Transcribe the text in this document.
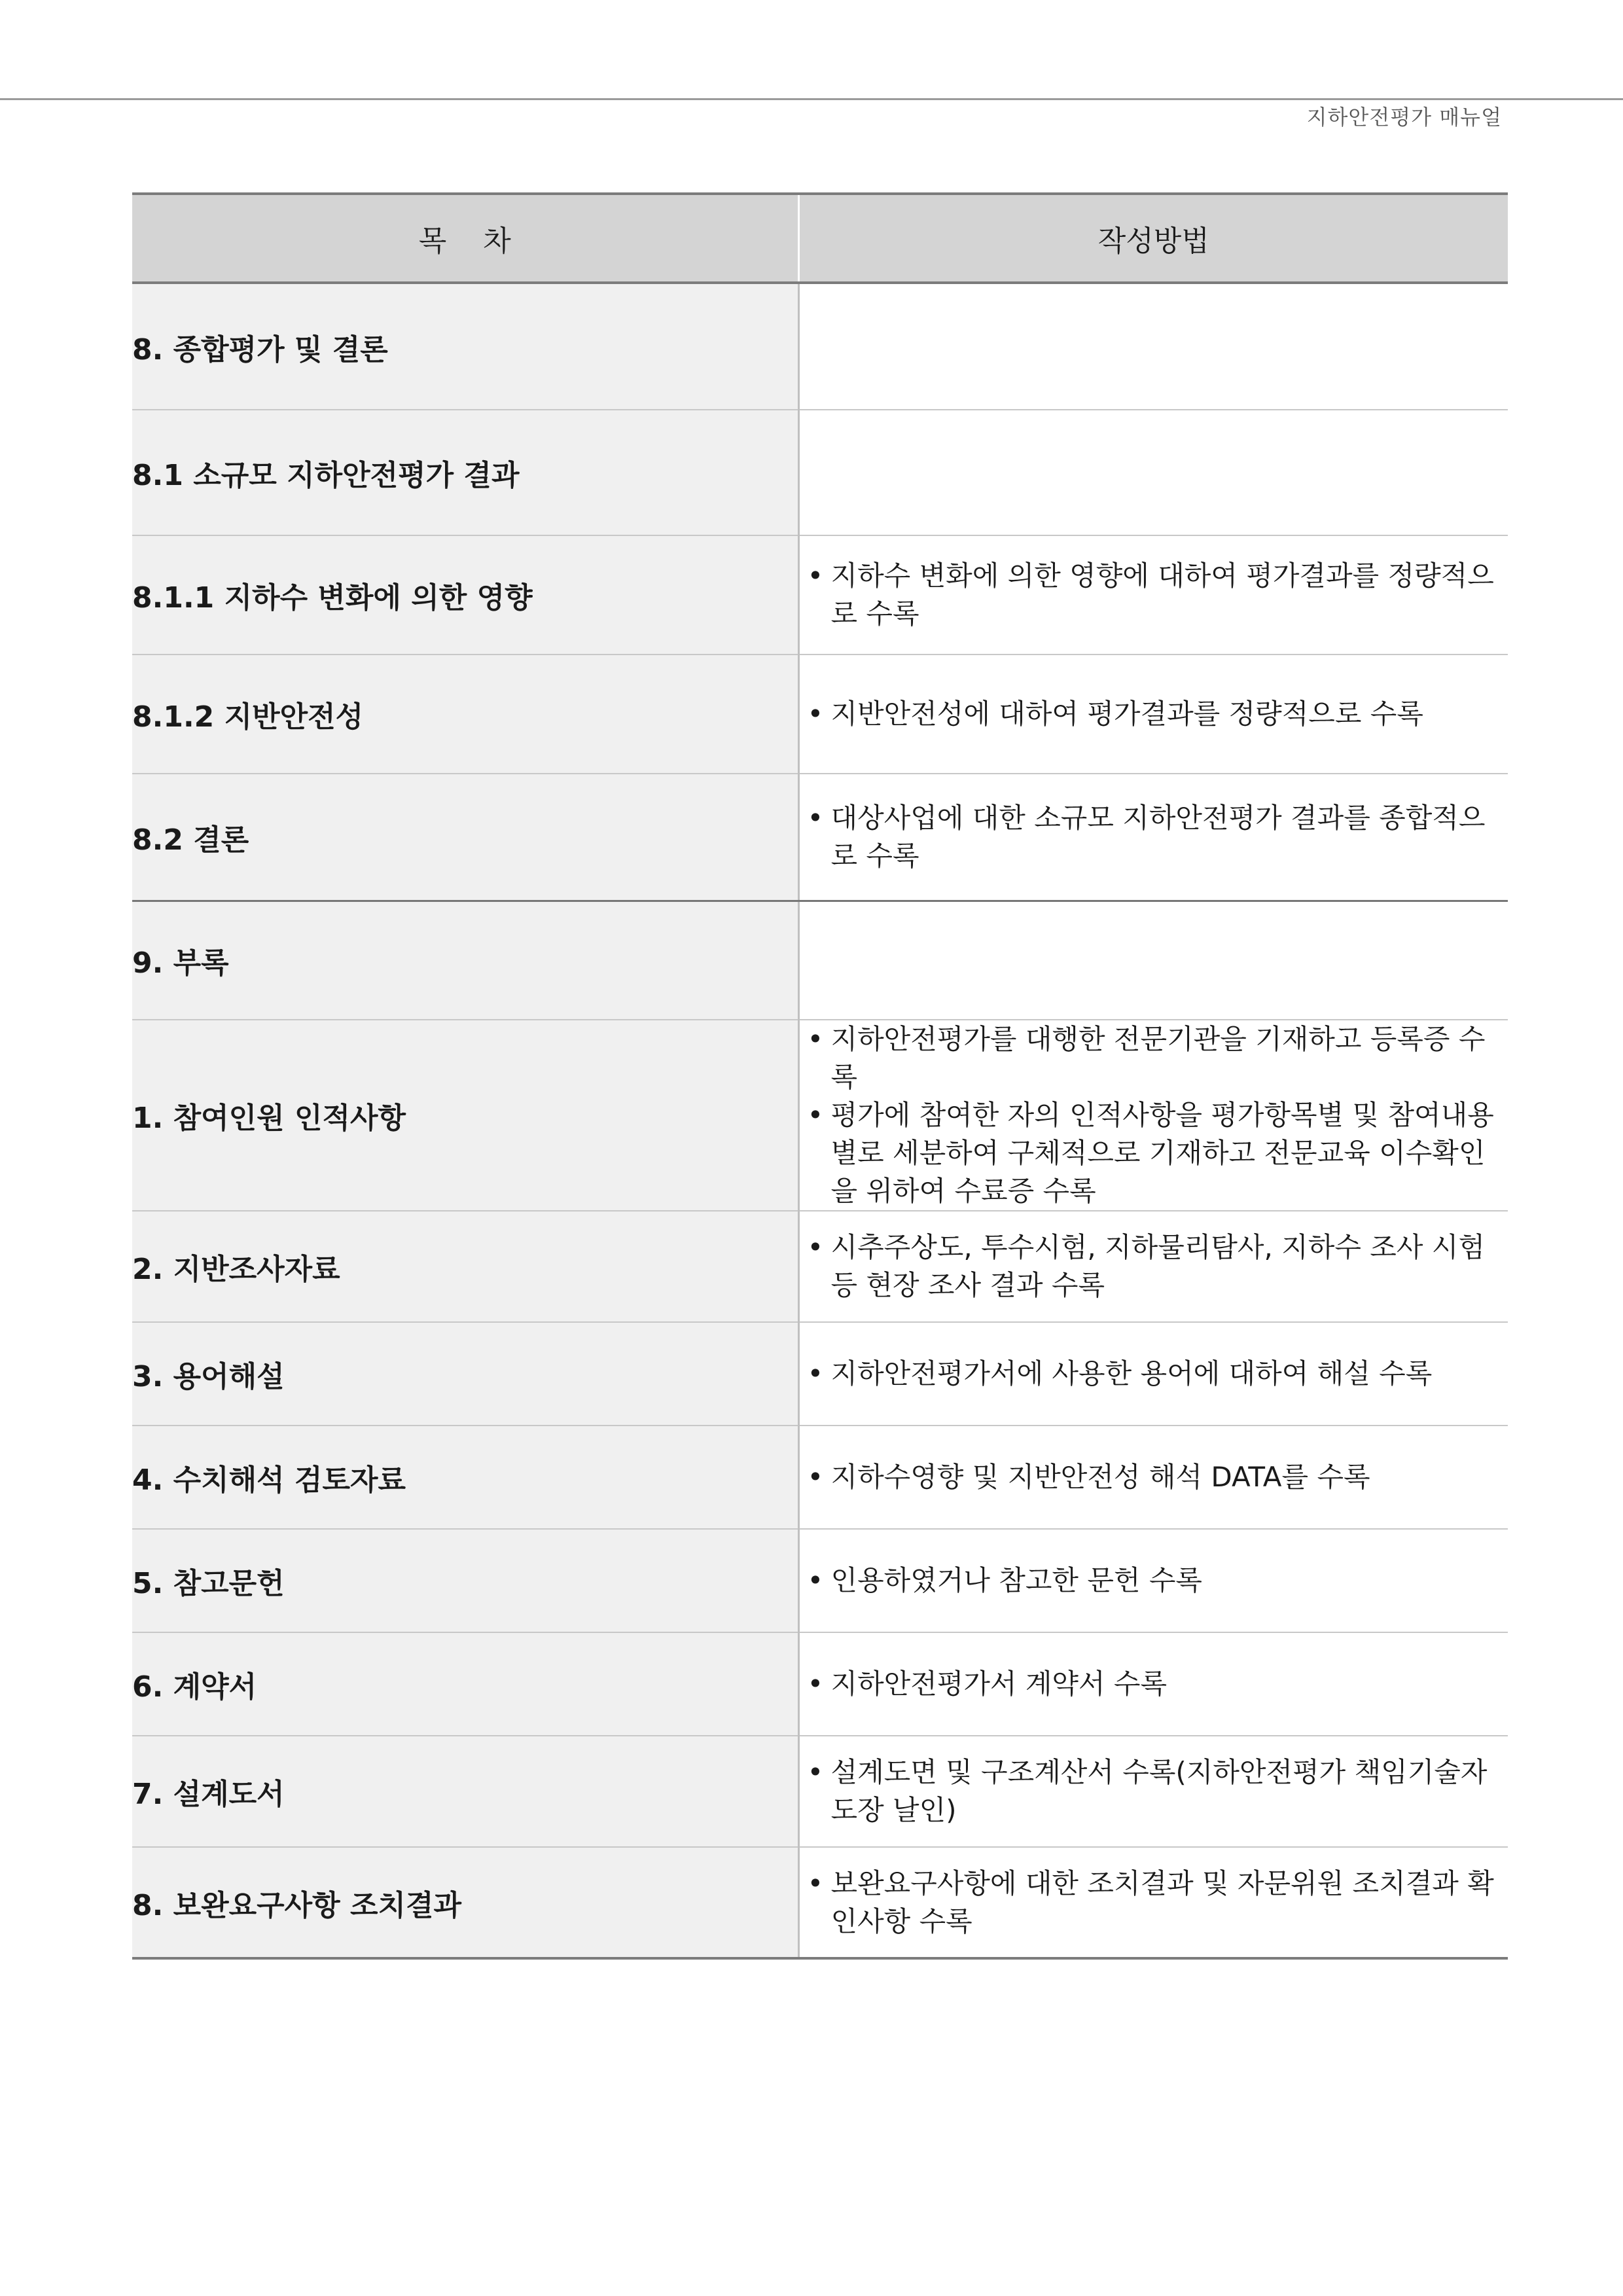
지하안전평가 매뉴얼
목    차	작성방법
8. 종합평가 및 결론	
8.1 소규모 지하안전평가 결과	
8.1.1 지하수 변화에 의한 영향	• 지하수 변화에 의한 영향에 대하여 평가결과를 정량적으로 수록

8.1.2 지반안전성	• 지반안전성에 대하여 평가결과를 정량적으로 수록

8.2 결론	• 대상사업에 대한 소규모 지하안전평가 결과를 종합적으로 수록

9. 부록	
1. 참여인원 인적사항	• 지하안전평가를 대행한 전문기관을 기재하고 등록증 수록
• 평가에 참여한 자의 인적사항을 평가항목별 및 참여내용별로 세분하여 구체적으로 기재하고 전문교육 이수확인을 위하여 수료증 수록

2. 지반조사자료	• 시추주상도, 투수시험, 지하물리탐사, 지하수 조사 시험 등 현장 조사 결과 수록

3. 용어해설	• 지하안전평가서에 사용한 용어에 대하여 해설 수록

4. 수치해석 검토자료	• 지하수영향 및 지반안전성 해석 DATA를 수록

5. 참고문헌	• 인용하였거나 참고한 문헌 수록

6. 계약서	• 지하안전평가서 계약서 수록

7. 설계도서	• 설계도면 및 구조계산서 수록(지하안전평가 책임기술자 도장 날인)

8. 보완요구사항 조치결과	• 보완요구사항에 대한 조치결과 및 자문위원 조치결과 확인사항 수록
